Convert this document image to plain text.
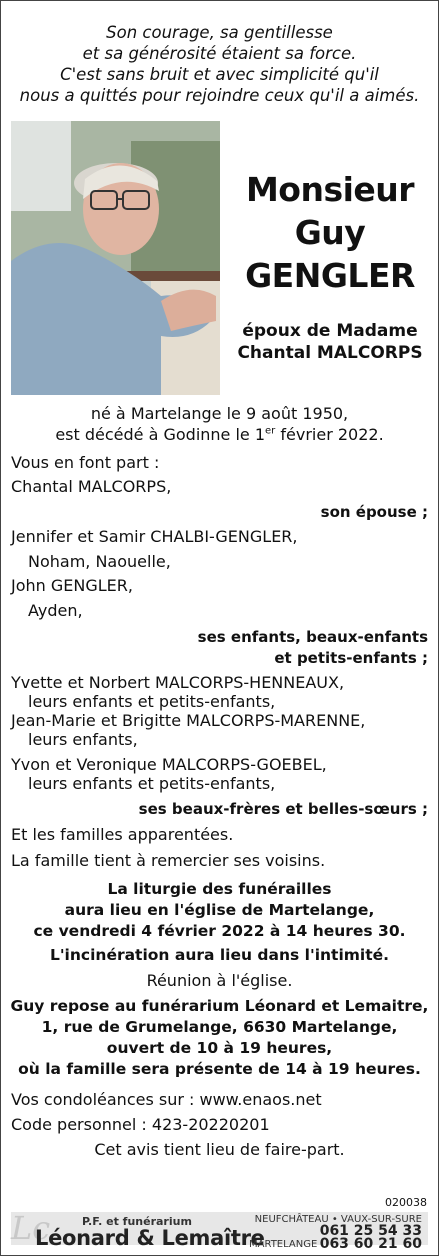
Son courage, sa gentillesse
et sa générosité étaient sa force.
C'est sans bruit et avec simplicité qu'il
nous a quittés pour rejoindre ceux qu'il a aimés.
Monsieur
Guy
GENGLER
époux de Madame
Chantal MALCORPS
né à Martelange le 9 août 1950,
est décédé à Godinne le 1er février 2022.
Vous en font part :
Chantal MALCORPS,
son épouse ;
Jennifer et Samir CHALBI-GENGLER,
Noham, Naouelle,
John GENGLER,
Ayden,
ses enfants, beaux-enfants
et petits-enfants ;
Yvette et Norbert MALCORPS-HENNEAUX,
leurs enfants et petits-enfants,
Jean-Marie et Brigitte MALCORPS-MARENNE,
leurs enfants,
Yvon et Veronique MALCORPS-GOEBEL,
leurs enfants et petits-enfants,
ses beaux-frères et belles-sœurs ;
Et les familles apparentées.
La famille tient à remercier ses voisins.
La liturgie des funérailles
aura lieu en l'église de Martelange,
ce vendredi 4 février 2022 à 14 heures 30.
L'incinération aura lieu dans l'intimité.
Réunion à l'église.
Guy repose au funérarium Léonard et Lemaitre,
1, rue de Grumelange, 6630 Martelange,
ouvert de 10 à 19 heures,
où la famille sera présente de 14 à 19 heures.
Vos condoléances sur : www.enaos.net
Code personnel : 423-20220201
Cet avis tient lieu de faire-part.
020038
Lc	P.F. et funérarium
Léonard & Lemaître
NEUFCHÂTEAU • VAUX-SUR-SURE
061 25 54 33
MARTELANGE 063 60 21 60
